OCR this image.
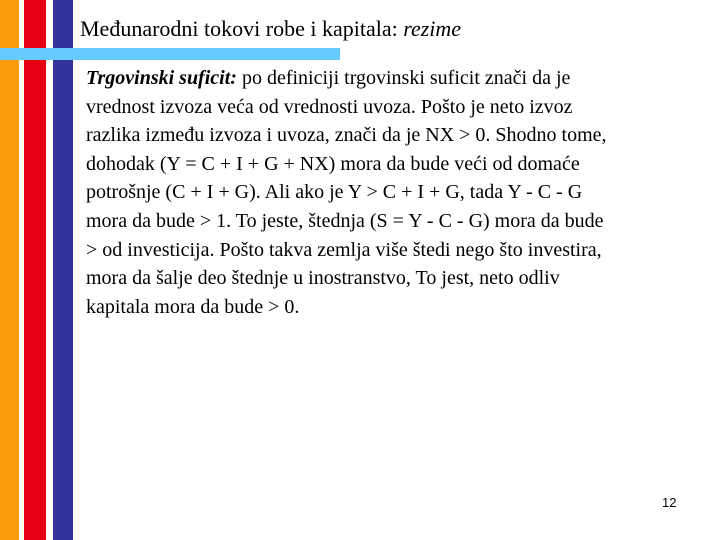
Međunarodni tokovi robe i kapitala: rezime
Trgovinski suficit: po definiciji trgovinski suficit znači da je
vrednost izvoza veća od vrednosti uvoza. Pošto je neto izvoz
razlika između izvoza i uvoza, znači da je NX > 0. Shodno tome,
dohodak (Y = C + I + G + NX) mora da bude veći od domaće
potrošnje (C + I + G). Ali ako je Y > C + I + G, tada Y - C - G
mora da bude > 1. To jeste, štednja (S = Y - C - G) mora da bude
> od investicija. Pošto takva zemlja više štedi nego što investira,
mora da šalje deo štednje u inostranstvo, To jest, neto odliv
kapitala mora da bude > 0.
12
